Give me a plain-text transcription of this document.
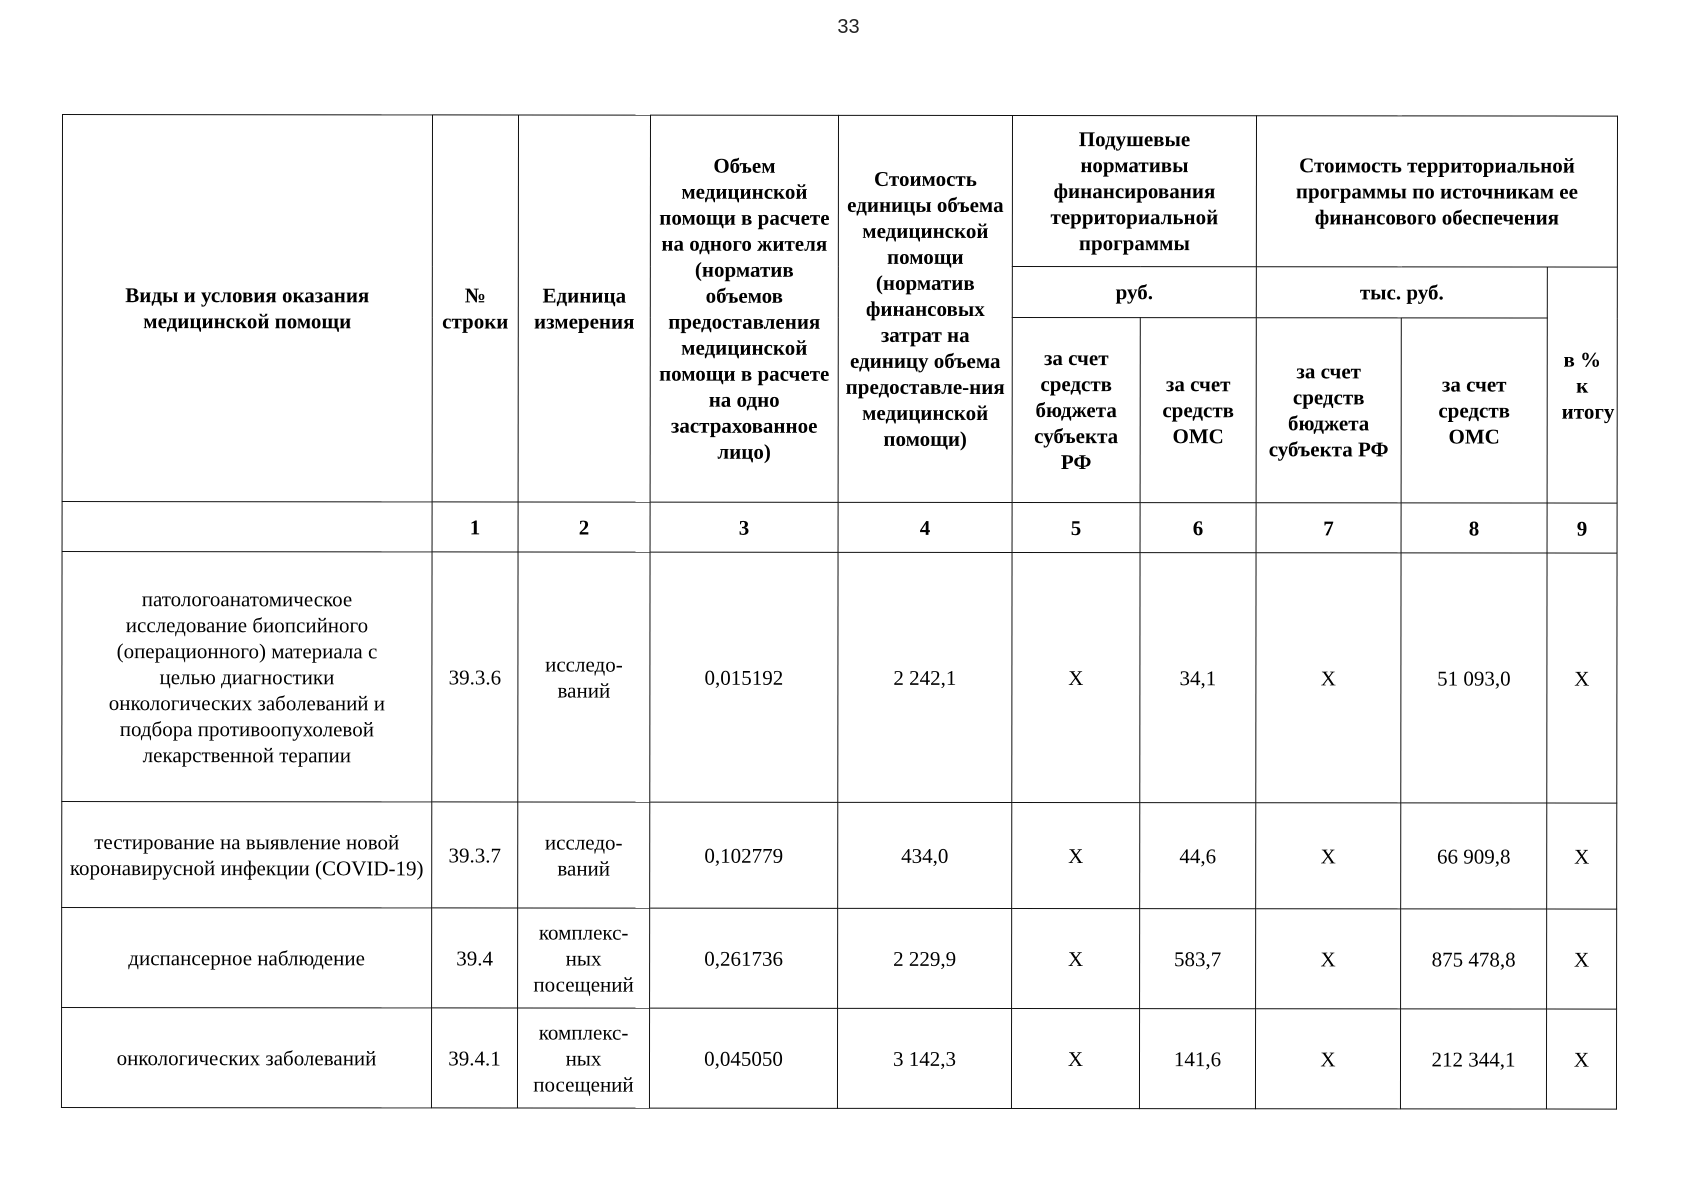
33
Виды и условия оказания медицинской помощи	№ строки	Единица измерения	Объем медицинской помощи в расчете на одного жителя (норматив объемов предоставления медицинской помощи в расчете на одно застрахованное лицо)	Стоимость единицы объема медицинской помощи (норматив финансовых затрат на единицу объема предоставле-ния медицинской помощи)	Подушевые нормативы финансирования территориальной программы		Стоимость территориальной программы по источникам ее финансового обеспечения		
					руб.		тыс. руб.		в % к итогу
					за счет средств бюджета субъекта РФ	за счет средств ОМС	за счет средств бюджета субъекта РФ	за счет средств ОМС	
	1	2	3	4	5	6	7	8	9
патологоанатомическое исследование биопсийного (операционного) материала с целью диагностики онкологических заболеваний и подбора противоопухолевой лекарственной терапии	39.3.6	исследо-ваний	0,015192	2 242,1	Х	34,1	Х	51 093,0	Х
тестирование на выявление новой коронавирусной инфекции (COVID-19)	39.3.7	исследо-ваний	0,102779	434,0	Х	44,6	Х	66 909,8	Х
диспансерное наблюдение	39.4	комплекс-ных посещений	0,261736	2 229,9	Х	583,7	Х	875 478,8	Х
онкологических заболеваний	39.4.1	комплекс-ных посещений	0,045050	3 142,3	Х	141,6	Х	212 344,1	Х
